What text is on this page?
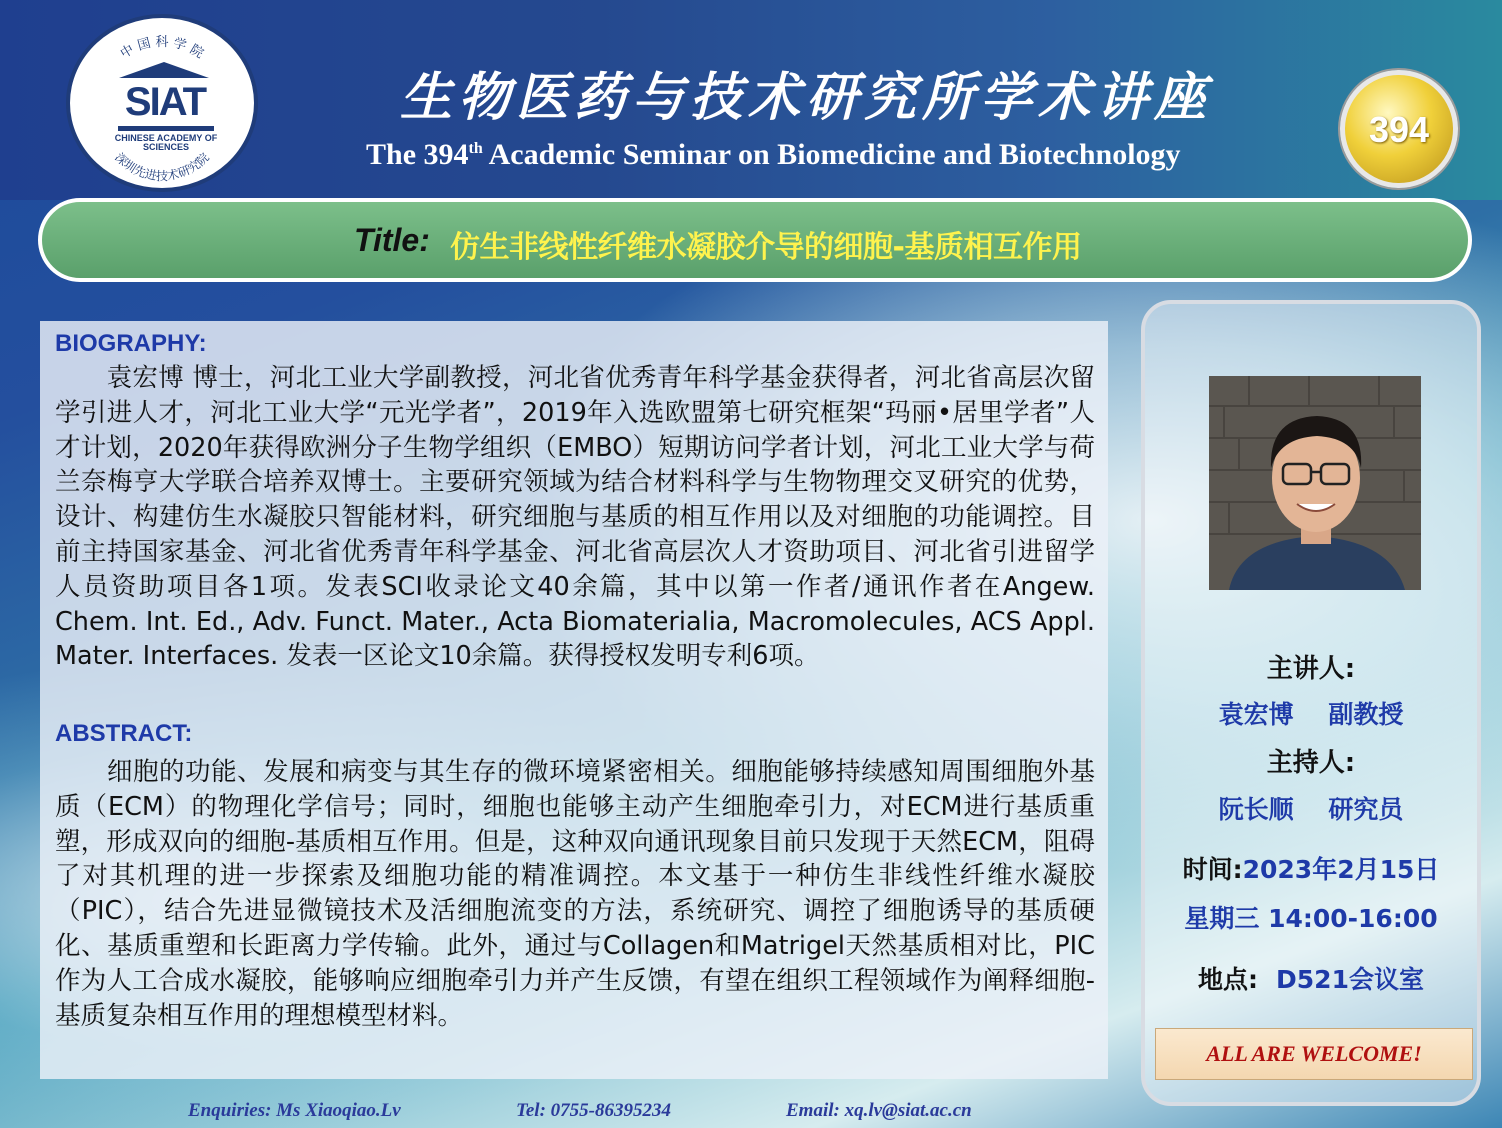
中 国 科 学 院
深圳先进技术研究院
SIAT
CHINESE ACADEMY OF SCIENCES
生物医药与技术研究所学术讲座
The 394th Academic Seminar on Biomedicine and Biotechnology
394
Title: 仿生非线性纤维水凝胶介导的细胞-基质相互作用
BIOGRAPHY:
　　袁宏博 博士，河北工业大学副教授，河北省优秀青年科学基金获得者，河北省高层次留学引进人才，河北工业大学“元光学者”，2019年入选欧盟第七研究框架“玛丽•居里学者”人才计划，2020年获得欧洲分子生物学组织（EMBO）短期访问学者计划，河北工业大学与荷兰奈梅亨大学联合培养双博士。主要研究领域为结合材料科学与生物物理交叉研究的优势，设计、构建仿生水凝胶只智能材料，研究细胞与基质的相互作用以及对细胞的功能调控。目前主持国家基金、河北省优秀青年科学基金、河北省高层次人才资助项目、河北省引进留学人员资助项目各1项。发表SCI收录论文40余篇，其中以第一作者/通讯作者在Angew. Chem. Int. Ed., Adv. Funct. Mater., Acta Biomaterialia, Macromolecules, ACS Appl. Mater. Interfaces. 发表一区论文10余篇。获得授权发明专利6项。
ABSTRACT:
　　细胞的功能、发展和病变与其生存的微环境紧密相关。细胞能够持续感知周围细胞外基质（ECM）的物理化学信号；同时，细胞也能够主动产生细胞牵引力，对ECM进行基质重塑，形成双向的细胞-基质相互作用。但是，这种双向通讯现象目前只发现于天然ECM，阻碍了对其机理的进一步探索及细胞功能的精准调控。本文基于一种仿生非线性纤维水凝胶（PIC），结合先进显微镜技术及活细胞流变的方法，系统研究、调控了细胞诱导的基质硬化、基质重塑和长距离力学传输。此外，通过与Collagen和Matrigel天然基质相对比，PIC作为人工合成水凝胶，能够响应细胞牵引力并产生反馈，有望在组织工程领域作为阐释细胞-基质复杂相互作用的理想模型材料。
主讲人:
袁宏博    副教授
主持人:
阮长顺    研究员
时间:2023年2月15日
星期三 14:00-16:00
地点: D521会议室
ALL ARE WELCOME!
Enquiries: Ms Xiaoqiao.Lv	Tel: 0755-86395234	Email: xq.lv@siat.ac.cn
